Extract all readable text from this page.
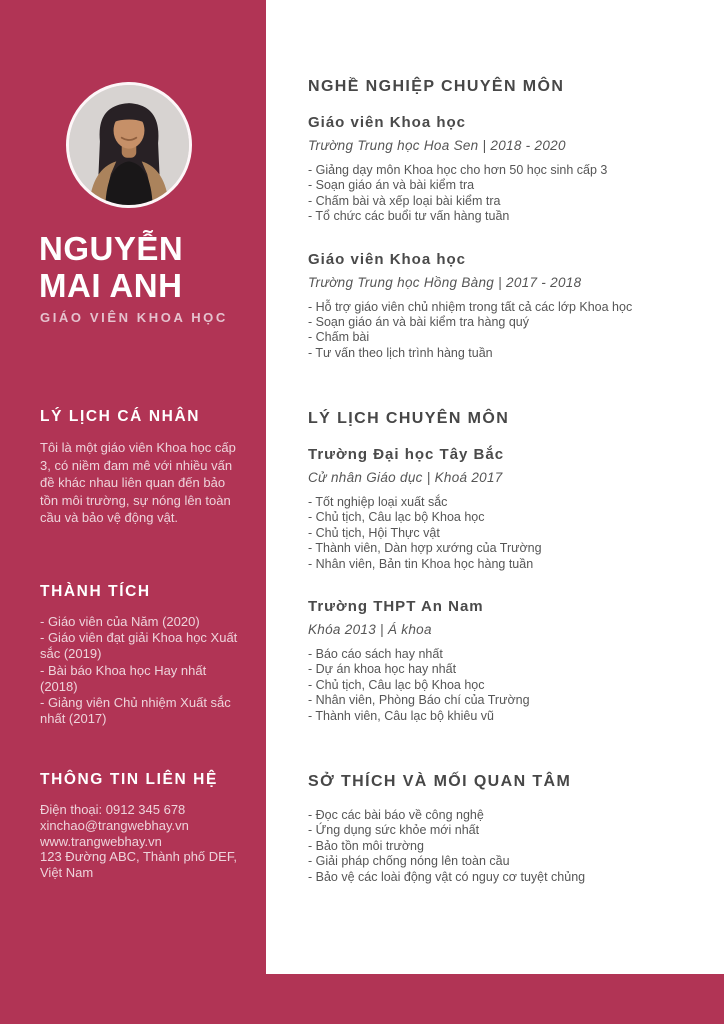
NGUYỄN
MAI ANH
GIÁO VIÊN KHOA HỌC
LÝ LỊCH CÁ NHÂN
Tôi là một giáo viên Khoa học cấp 3, có niềm đam mê với nhiều vấn đề khác nhau liên quan đến bảo tồn môi trường, sự nóng lên toàn cầu và bảo vệ động vật.
THÀNH TÍCH
- Giáo viên của Năm (2020)
- Giáo viên đạt giải Khoa học Xuất sắc (2019)
- Bài báo Khoa học Hay nhất (2018)
- Giảng viên Chủ nhiệm Xuất sắc nhất (2017)
THÔNG TIN LIÊN HỆ
Điện thoại: 0912 345 678
xinchao@trangwebhay.vn
www.trangwebhay.vn
123 Đường ABC, Thành phố DEF,
Việt Nam
NGHỀ NGHIỆP CHUYÊN MÔN
Giáo viên Khoa học
Trường Trung học Hoa Sen | 2018 - 2020
- Giảng dạy môn Khoa học cho hơn 50 học sinh cấp 3
- Soạn giáo án và bài kiểm tra
- Chấm bài và xếp loại bài kiểm tra
- Tổ chức các buổi tư vấn hàng tuần
Giáo viên Khoa học
Trường Trung học Hồng Bàng | 2017 - 2018
- Hỗ trợ giáo viên chủ nhiệm trong tất cả các lớp Khoa học
- Soạn giáo án và bài kiểm tra hàng quý
- Chấm bài
- Tư vấn theo lịch trình hàng tuần
LÝ LỊCH CHUYÊN MÔN
Trường Đại học Tây Bắc
Cử nhân Giáo dục | Khoá 2017
- Tốt nghiệp loại xuất sắc
- Chủ tịch, Câu lạc bộ Khoa học
- Chủ tịch, Hội Thực vật
- Thành viên, Dàn hợp xướng của Trường
- Nhân viên, Bản tin Khoa học hàng tuần
Trường THPT An Nam
Khóa 2013 | Á khoa
- Báo cáo sách hay nhất
- Dự án khoa học hay nhất
- Chủ tịch, Câu lạc bộ Khoa học
- Nhân viên, Phòng Báo chí của Trường
- Thành viên, Câu lạc bộ khiêu vũ
SỞ THÍCH VÀ MỐI QUAN TÂM
- Đọc các bài báo về công nghệ
- Ứng dụng sức khỏe mới nhất
- Bảo tồn môi trường
- Giải pháp chống nóng lên toàn cầu
- Bảo vệ các loài động vật có nguy cơ tuyệt chủng
